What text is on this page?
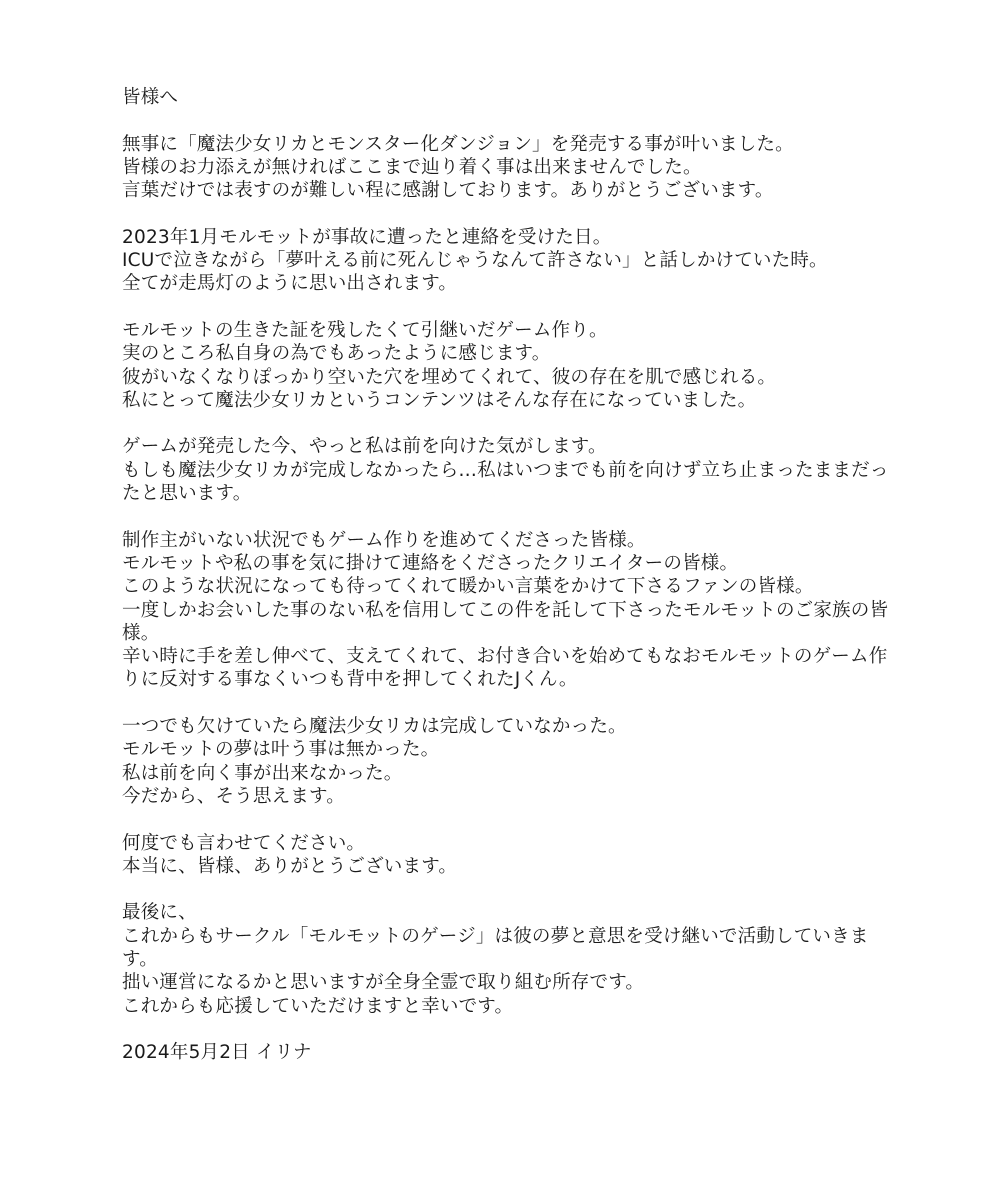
皆様へ
無事に「魔法少女リカとモンスター化ダンジョン」を発売する事が叶いました。
皆様のお力添えが無ければここまで辿り着く事は出来ませんでした。
言葉だけでは表すのが難しい程に感謝しております。ありがとうございます。
2023年1月モルモットが事故に遭ったと連絡を受けた日。
ICUで泣きながら「夢叶える前に死んじゃうなんて許さない」と話しかけていた時。
全てが走馬灯のように思い出されます。
モルモットの生きた証を残したくて引継いだゲーム作り。
実のところ私自身の為でもあったように感じます。
彼がいなくなりぽっかり空いた穴を埋めてくれて、彼の存在を肌で感じれる。
私にとって魔法少女リカというコンテンツはそんな存在になっていました。
ゲームが発売した今、やっと私は前を向けた気がします。
もしも魔法少女リカが完成しなかったら…私はいつまでも前を向けず立ち止まったままだっ
たと思います。
制作主がいない状況でもゲーム作りを進めてくださった皆様。
モルモットや私の事を気に掛けて連絡をくださったクリエイターの皆様。
このような状況になっても待ってくれて暖かい言葉をかけて下さるファンの皆様。
一度しかお会いした事のない私を信用してこの件を託して下さったモルモットのご家族の皆
様。
辛い時に手を差し伸べて、支えてくれて、お付き合いを始めてもなおモルモットのゲーム作
りに反対する事なくいつも背中を押してくれたJくん。
一つでも欠けていたら魔法少女リカは完成していなかった。
モルモットの夢は叶う事は無かった。
私は前を向く事が出来なかった。
今だから、そう思えます。
何度でも言わせてください。
本当に、皆様、ありがとうございます。
最後に、
これからもサークル「モルモットのゲージ」は彼の夢と意思を受け継いで活動していきま
す。
拙い運営になるかと思いますが全身全霊で取り組む所存です。
これからも応援していただけますと幸いです。
2024年5月2日 イリナ
